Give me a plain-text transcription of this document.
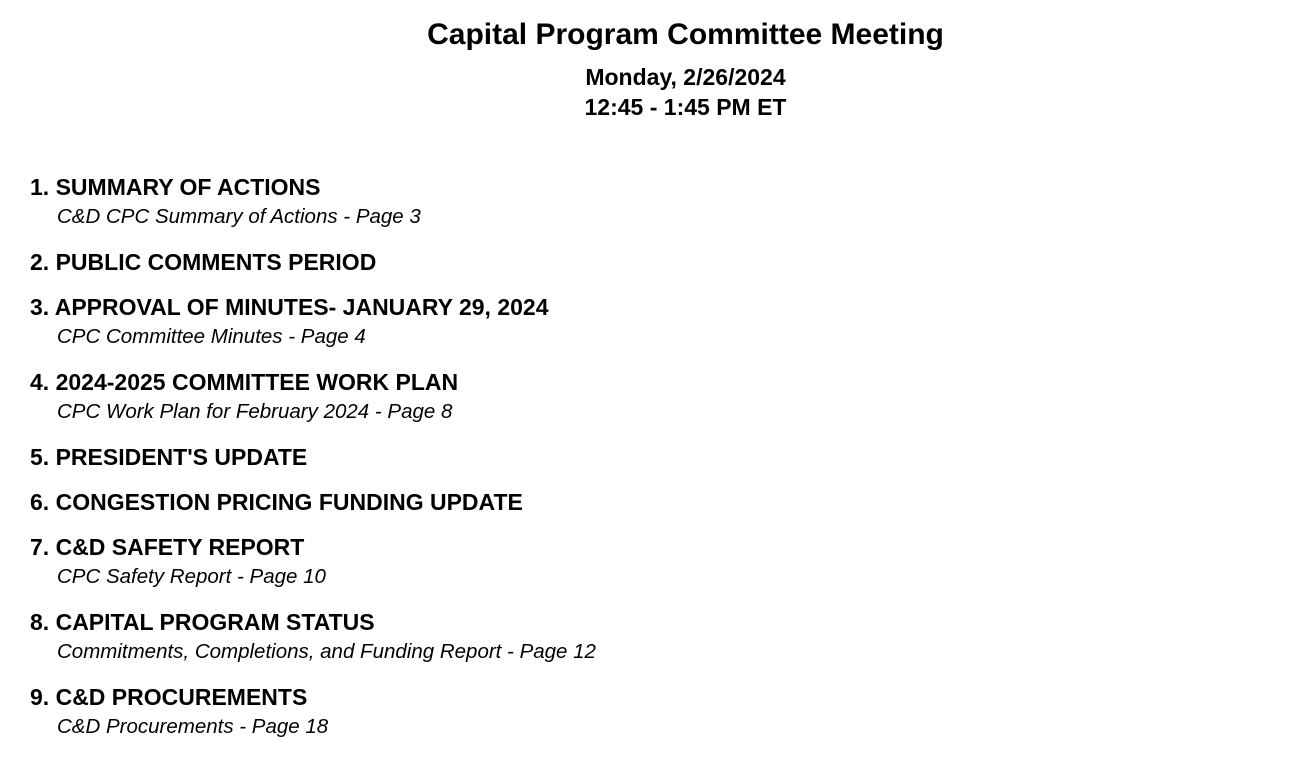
Capital Program Committee Meeting
Monday, 2/26/2024
12:45 - 1:45 PM ET
1. SUMMARY OF ACTIONS
C&D CPC Summary of Actions - Page 3
2. PUBLIC COMMENTS PERIOD
3. APPROVAL OF MINUTES- JANUARY 29, 2024
CPC Committee Minutes - Page 4
4. 2024-2025 COMMITTEE WORK PLAN
CPC Work Plan for February 2024 - Page 8
5. PRESIDENT'S UPDATE
6. CONGESTION PRICING FUNDING UPDATE
7. C&D SAFETY REPORT
CPC Safety Report - Page 10
8. CAPITAL PROGRAM STATUS
Commitments, Completions, and Funding Report - Page 12
9. C&D PROCUREMENTS
C&D Procurements - Page 18
